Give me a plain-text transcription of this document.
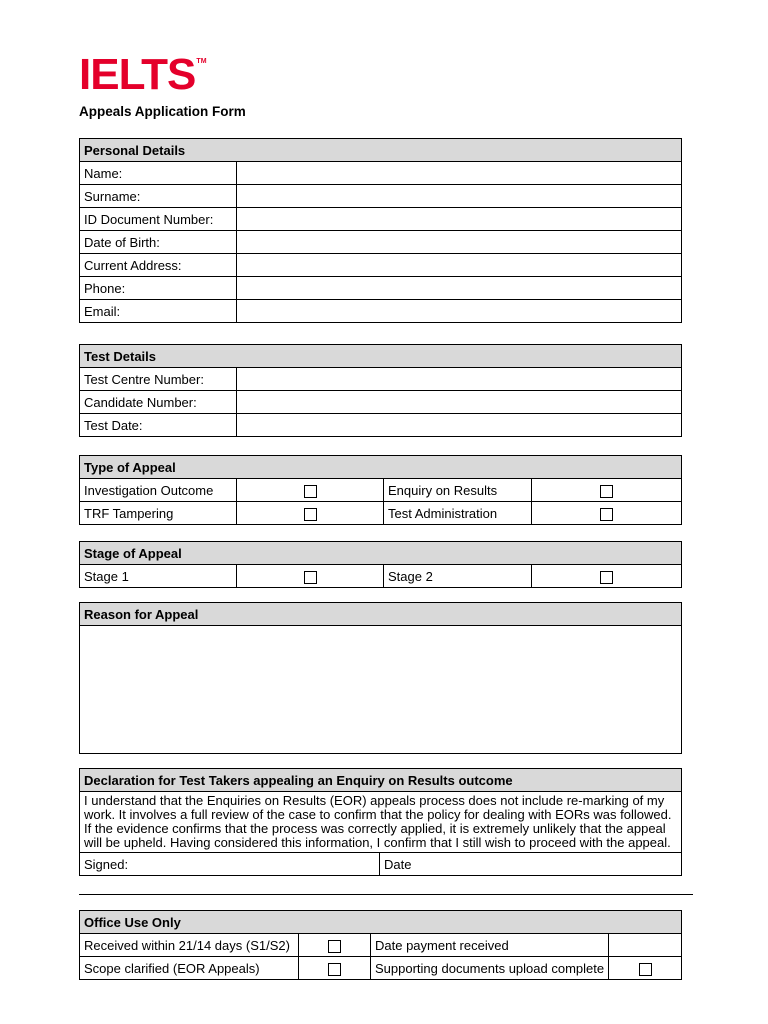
IELTS TM
Appeals Application Form
Personal Details	
Name:	
Surname:	
ID Document Number:	
Date of Birth:	
Current Address:	
Phone:	
Email:	
Test Details	
Test Centre Number:	
Candidate Number:	
Test Date:	
Type of Appeal			
Investigation Outcome		Enquiry on Results	
TRF Tampering		Test Administration	
Stage of Appeal
Stage 1		Stage 2	
Reason for Appeal

Declaration for Test Takers appealing an Enquiry on Results outcome
I understand that the Enquiries on Results (EOR) appeals process does not include re-marking of my work. It involves a full review of the case to confirm that the policy for dealing with EORs was followed. If the evidence confirms that the process was correctly applied, it is extremely unlikely that the appeal will be upheld. Having considered this information, I confirm that I still wish to proceed with the appeal.
Signed:	Date
Office Use Only			
Received within 21/14 days (S1/S2)		Date payment received	
Scope clarified (EOR Appeals)		Supporting documents upload complete	
